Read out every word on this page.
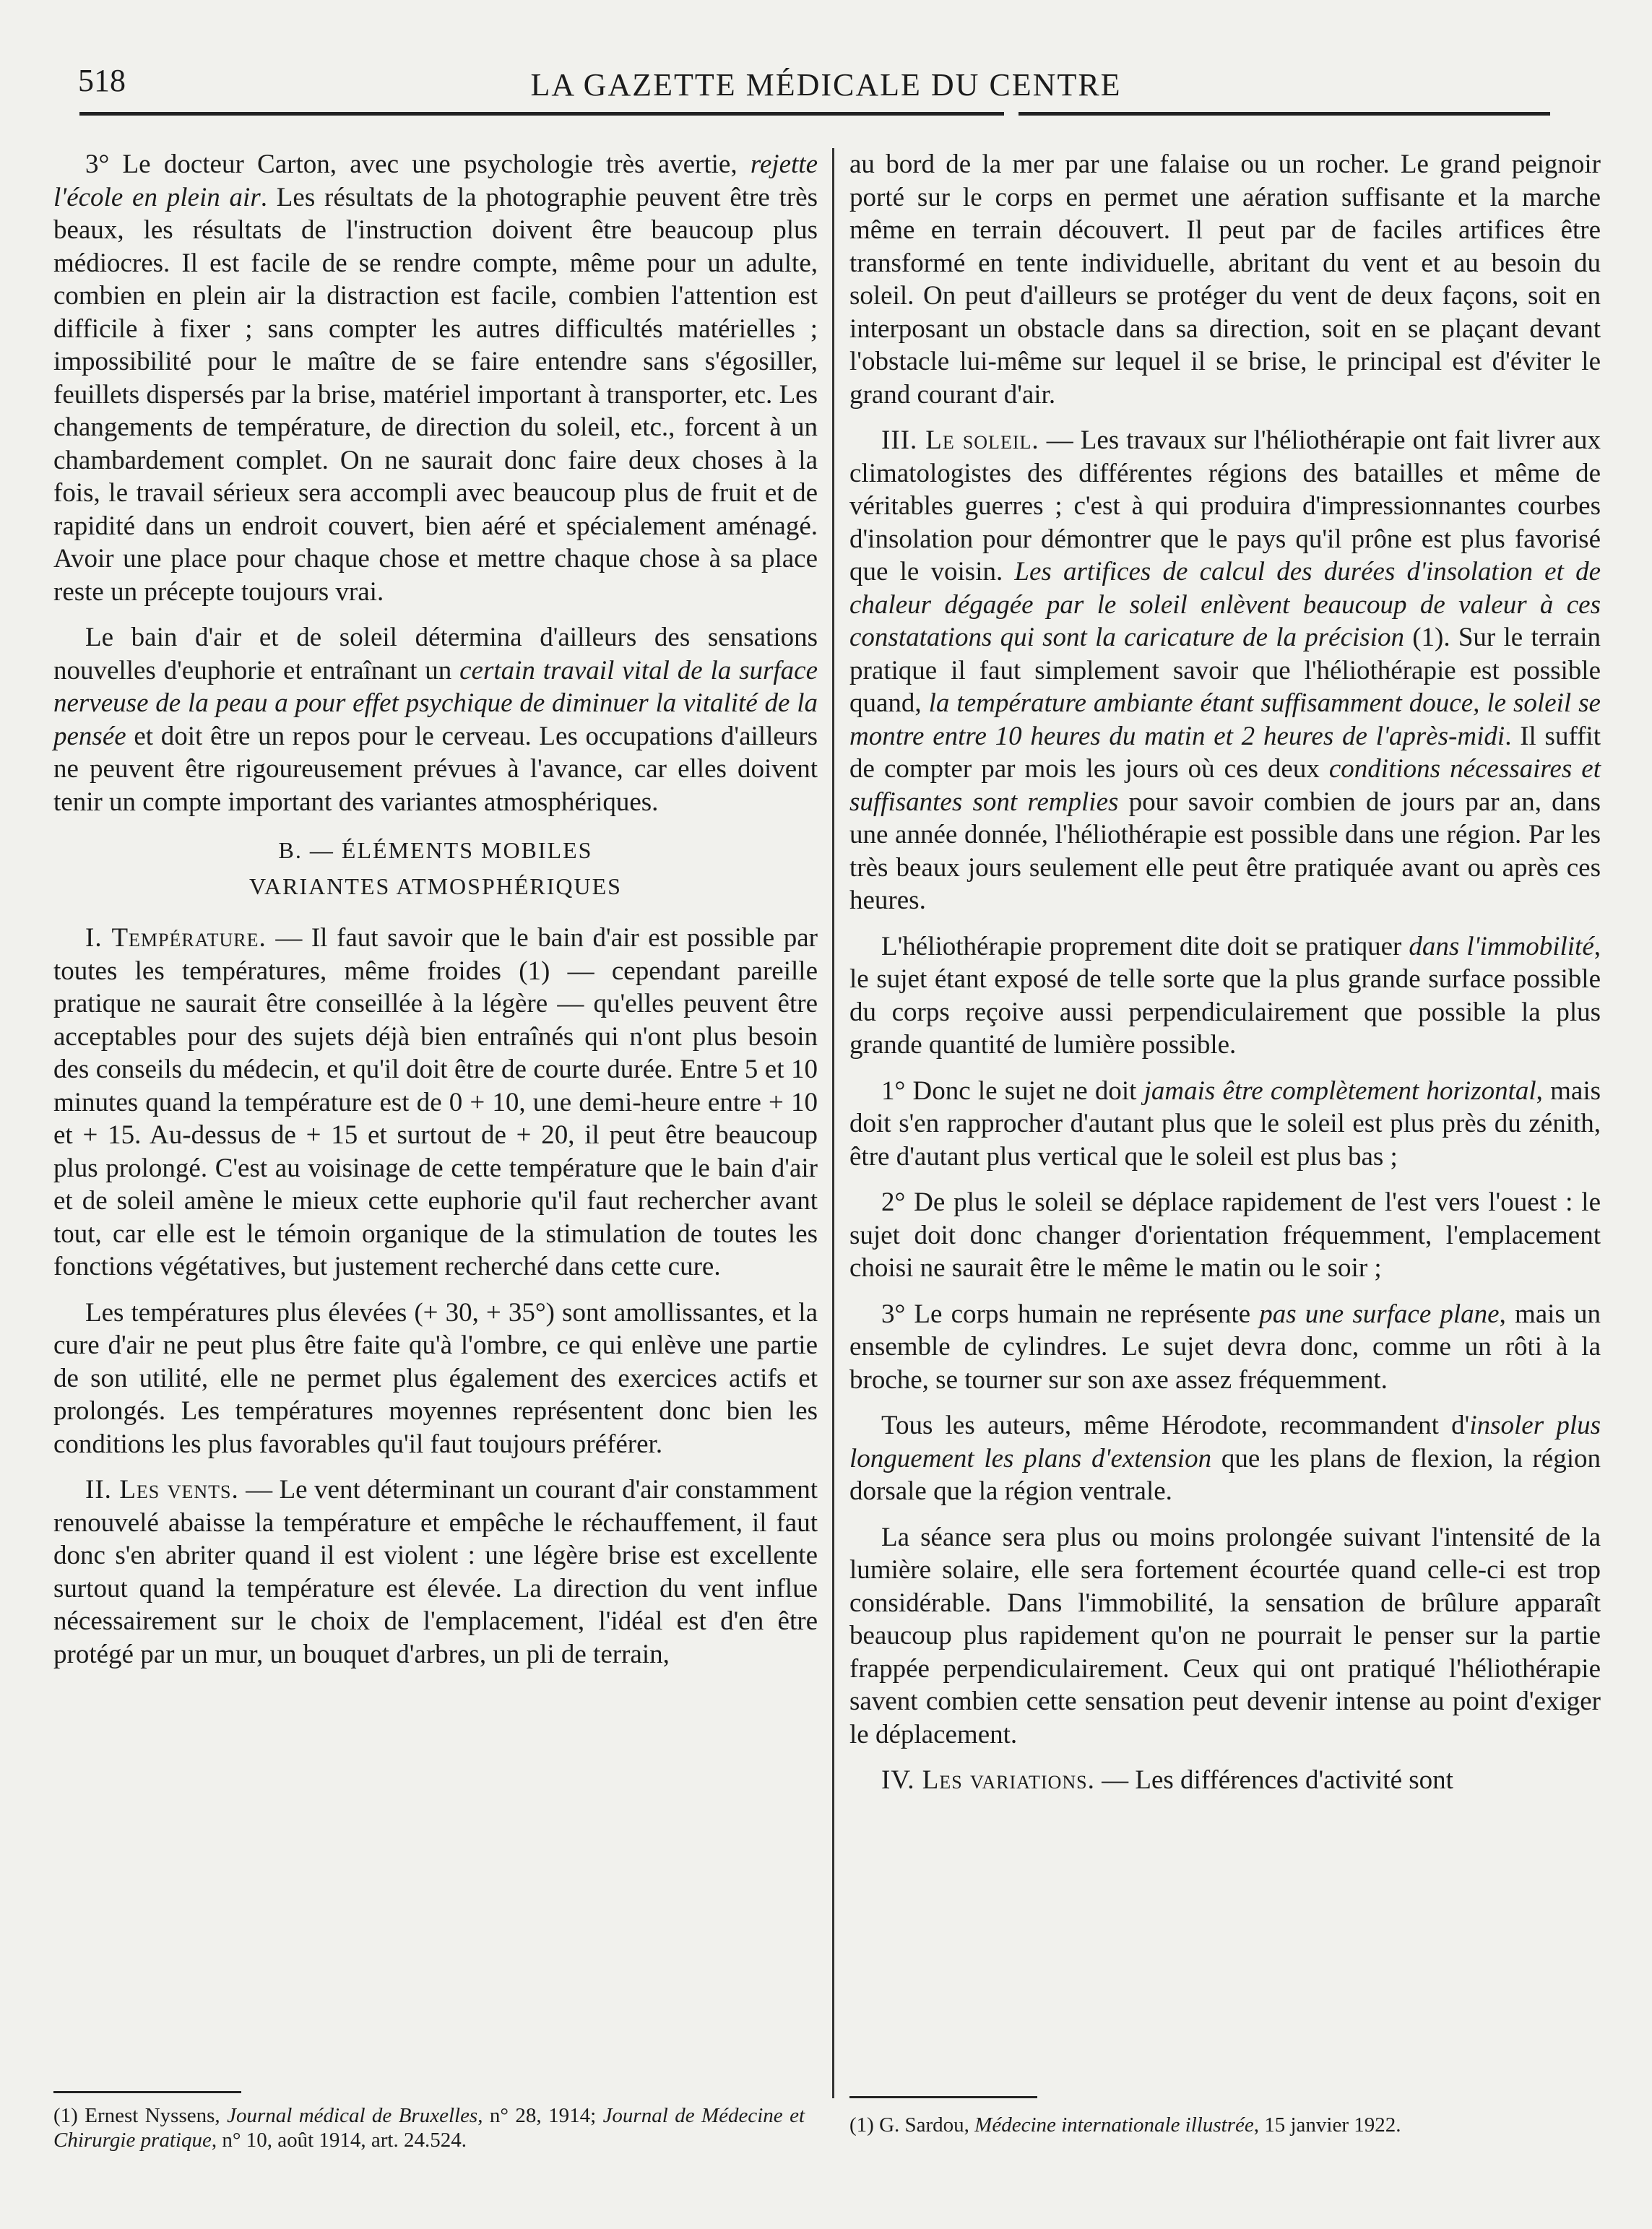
518	LA GAZETTE MÉDICALE DU CENTRE

3° Le docteur Carton, avec une psychologie très avertie, rejette l'école en plein air. Les résultats de la photographie peuvent être très beaux, les résultats de l'instruction doivent être beaucoup plus médiocres. Il est facile de se rendre compte, même pour un adulte, combien en plein air la distraction est facile, combien l'attention est difficile à fixer ; sans compter les autres difficultés matérielles ; impossibilité pour le maître de se faire entendre sans s'égosiller, feuillets dispersés par la brise, matériel important à transporter, etc. Les changements de température, de direction du soleil, etc., forcent à un chambardement complet. On ne saurait donc faire deux choses à la fois, le travail sérieux sera accompli avec beaucoup plus de fruit et de rapidité dans un endroit couvert, bien aéré et spécialement aménagé. Avoir une place pour chaque chose et mettre chaque chose à sa place reste un précepte toujours vrai.

Le bain d'air et de soleil détermina d'ailleurs des sensations nouvelles d'euphorie et entraînant un certain travail vital de la surface nerveuse de la peau a pour effet psychique de diminuer la vitalité de la pensée et doit être un repos pour le cerveau. Les occupations d'ailleurs ne peuvent être rigoureusement prévues à l'avance, car elles doivent tenir un compte important des variantes atmosphériques.

B. — ÉLÉMENTS MOBILES

VARIANTES ATMOSPHÉRIQUES

I. Température. — Il faut savoir que le bain d'air est possible par toutes les températures, même froides (1) — cependant pareille pratique ne saurait être conseillée à la légère — qu'elles peuvent être acceptables pour des sujets déjà bien entraînés qui n'ont plus besoin des conseils du médecin, et qu'il doit être de courte durée. Entre 5 et 10 minutes quand la température est de 0 + 10, une demi-heure entre + 10 et + 15. Au-dessus de + 15 et surtout de + 20, il peut être beaucoup plus prolongé. C'est au voisinage de cette température que le bain d'air et de soleil amène le mieux cette euphorie qu'il faut rechercher avant tout, car elle est le témoin organique de la stimulation de toutes les fonctions végétatives, but justement recherché dans cette cure.

Les températures plus élevées (+ 30, + 35°) sont amollissantes, et la cure d'air ne peut plus être faite qu'à l'ombre, ce qui enlève une partie de son utilité, elle ne permet plus également des exercices actifs et prolongés. Les températures moyennes représentent donc bien les conditions les plus favorables qu'il faut toujours préférer.

II. Les vents. — Le vent déterminant un courant d'air constamment renouvelé abaisse la température et empêche le réchauffement, il faut donc s'en abriter quand il est violent : une légère brise est excellente surtout quand la température est élevée. La direction du vent influe nécessairement sur le choix de l'emplacement, l'idéal est d'en être protégé par un mur, un bouquet d'arbres, un pli de terrain,

au bord de la mer par une falaise ou un rocher. Le grand peignoir porté sur le corps en permet une aération suffisante et la marche même en terrain découvert. Il peut par de faciles artifices être transformé en tente individuelle, abritant du vent et au besoin du soleil. On peut d'ailleurs se protéger du vent de deux façons, soit en interposant un obstacle dans sa direction, soit en se plaçant devant l'obstacle lui-même sur lequel il se brise, le principal est d'éviter le grand courant d'air.

III. Le soleil. — Les travaux sur l'héliothérapie ont fait livrer aux climatologistes des différentes régions des batailles et même de véritables guerres ; c'est à qui produira d'impressionnantes courbes d'insolation pour démontrer que le pays qu'il prône est plus favorisé que le voisin. Les artifices de calcul des durées d'insolation et de chaleur dégagée par le soleil enlèvent beaucoup de valeur à ces constatations qui sont la caricature de la précision (1). Sur le terrain pratique il faut simplement savoir que l'héliothérapie est possible quand, la température ambiante étant suffisamment douce, le soleil se montre entre 10 heures du matin et 2 heures de l'après-midi. Il suffit de compter par mois les jours où ces deux conditions nécessaires et suffisantes sont remplies pour savoir combien de jours par an, dans une année donnée, l'héliothérapie est possible dans une région. Par les très beaux jours seulement elle peut être pratiquée avant ou après ces heures.

L'héliothérapie proprement dite doit se pratiquer dans l'immobilité, le sujet étant exposé de telle sorte que la plus grande surface possible du corps reçoive aussi perpendiculairement que possible la plus grande quantité de lumière possible.

1° Donc le sujet ne doit jamais être complètement horizontal, mais doit s'en rapprocher d'autant plus que le soleil est plus près du zénith, être d'autant plus vertical que le soleil est plus bas ;

2° De plus le soleil se déplace rapidement de l'est vers l'ouest : le sujet doit donc changer d'orientation fréquemment, l'emplacement choisi ne saurait être le même le matin ou le soir ;

3° Le corps humain ne représente pas une surface plane, mais un ensemble de cylindres. Le sujet devra donc, comme un rôti à la broche, se tourner sur son axe assez fréquemment.

Tous les auteurs, même Hérodote, recommandent d'insoler plus longuement les plans d'extension que les plans de flexion, la région dorsale que la région ventrale.

La séance sera plus ou moins prolongée suivant l'intensité de la lumière solaire, elle sera fortement écourtée quand celle-ci est trop considérable. Dans l'immobilité, la sensation de brûlure apparaît beaucoup plus rapidement qu'on ne pourrait le penser sur la partie frappée perpendiculairement. Ceux qui ont pratiqué l'héliothérapie savent combien cette sensation peut devenir intense au point d'exiger le déplacement.

IV. Les variations. — Les différences d'activité sont

(1) Ernest Nyssens, Journal médical de Bruxelles, n° 28, 1914; Journal de Médecine et Chirurgie pratique, n° 10, août 1914, art. 24.524.
(1) G. Sardou, Médecine internationale illustrée, 15 janvier 1922.
